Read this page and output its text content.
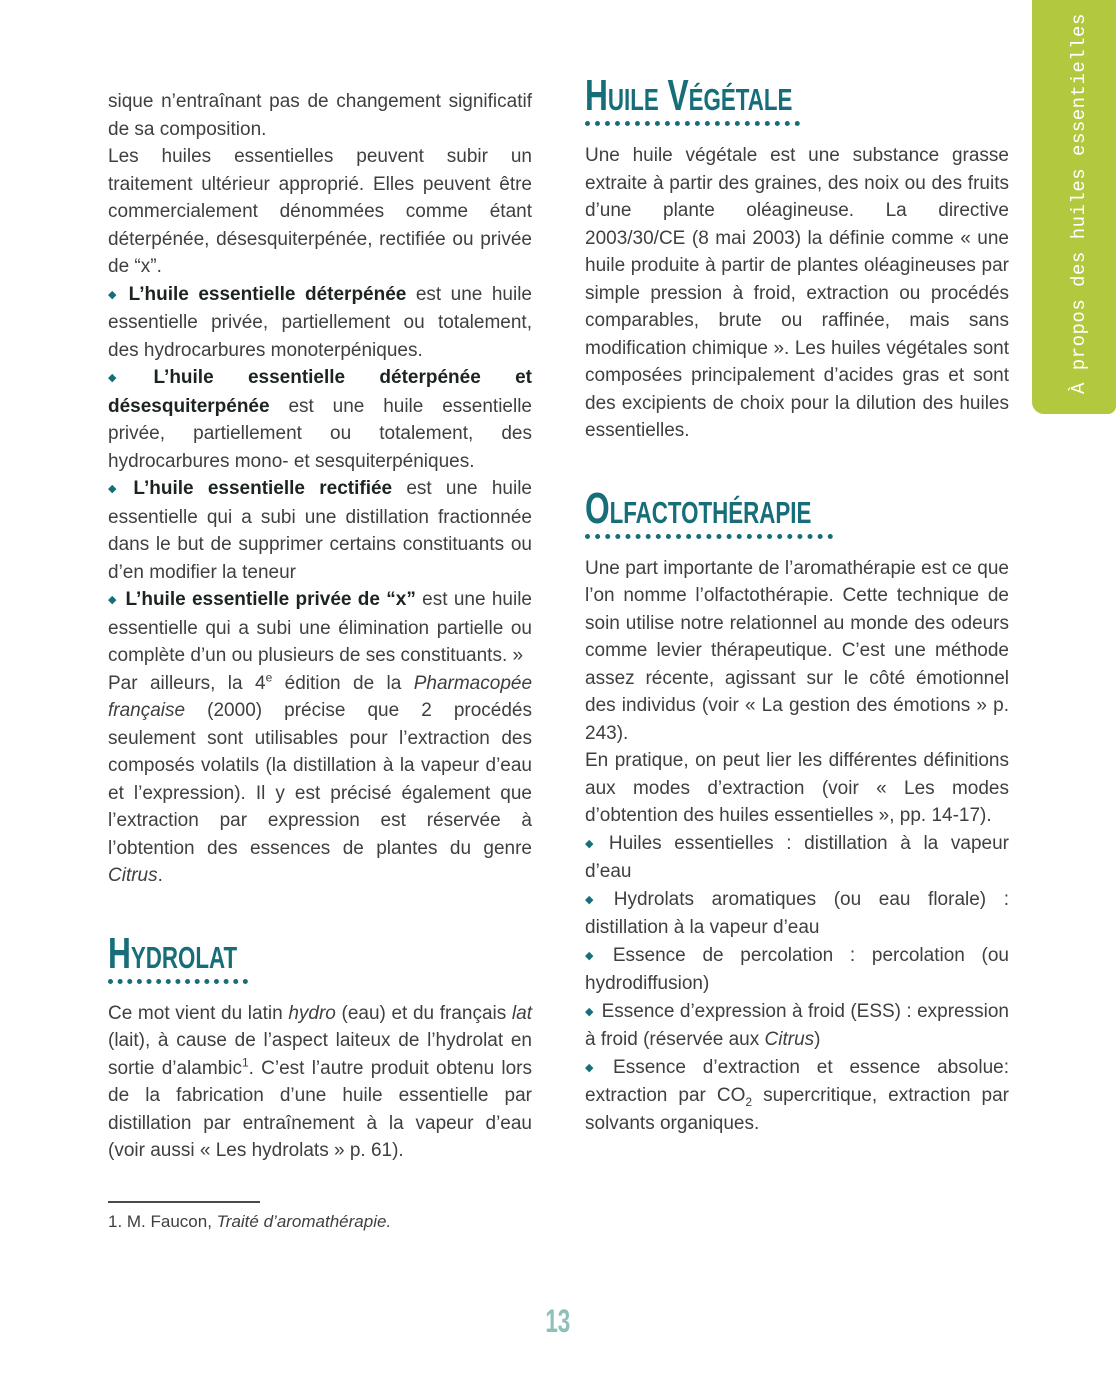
À propos des huiles essentielles

sique n’entraînant pas de changement significatif de sa composition.

Les huiles essentielles peuvent subir un traitement ultérieur approprié. Elles peuvent être commercialement dénommées comme étant déterpénée, désesquiterpénée, rectifiée ou privée de “x”.

◆ L’huile essentielle déterpénée est une huile essentielle privée, partiellement ou totalement, des hydrocarbures monoterpéniques.

◆ L’huile essentielle déterpénée et désesquiterpénée est une huile essentielle privée, partiellement ou totalement, des hydrocarbures mono- et sesquiterpéniques.

◆ L’huile essentielle rectifiée est une huile essentielle qui a subi une distillation fractionnée dans le but de supprimer certains constituants ou d’en modifier la teneur

◆ L’huile essentielle privée de “x” est une huile essentielle qui a subi une élimination partielle ou complète d’un ou plusieurs de ses constituants. »

Par ailleurs, la 4e édition de la Pharmacopée française (2000) précise que 2 procédés seulement sont utilisables pour l’extraction des composés volatils (la distillation à la vapeur d’eau et l’expression). Il y est précisé également que l’extraction par expression est réservée à l’obtention des essences de plantes du genre Citrus.

Hydrolat

Ce mot vient du latin hydro (eau) et du français lat (lait), à cause de l’aspect laiteux de l’hydrolat en sortie d’alambic$^1$. C’est l’autre produit obtenu lors de la fabrication d’une huile essentielle par distillation par entraînement à la vapeur d’eau (voir aussi « Les hydrolats » p. 61).

1. M. Faucon, Traité d’aromathérapie.

Huile Végétale

Une huile végétale est une substance grasse extraite à partir des graines, des noix ou des fruits d’une plante oléagineuse. La directive 2003/30/CE (8 mai 2003) la définie comme « une huile produite à partir de plantes oléagineuses par simple pression à froid, extraction ou procédés comparables, brute ou raffinée, mais sans modification chimique ». Les huiles végétales sont composées principalement d’acides gras et sont des excipients de choix pour la dilution des huiles essentielles.

Olfactothérapie

Une part importante de l’aromathérapie est ce que l’on nomme l’olfactothérapie. Cette technique de soin utilise notre relationnel au monde des odeurs comme levier thérapeutique. C’est une méthode assez récente, agissant sur le côté émotionnel des individus (voir « La gestion des émotions » p. 243).

En pratique, on peut lier les différentes définitions aux modes d’extraction (voir « Les modes d’obtention des huiles essentielles », pp. 14-17).

◆ Huiles essentielles : distillation à la vapeur d’eau

◆ Hydrolats aromatiques (ou eau florale) : distillation à la vapeur d’eau

◆ Essence de percolation : percolation (ou hydrodiffusion)

◆ Essence d’expression à froid (ESS) : expression à froid (réservée aux Citrus)

◆ Essence d’extraction et essence absolue: extraction par $CO_2$ supercritique, extraction par solvants organiques.

13
